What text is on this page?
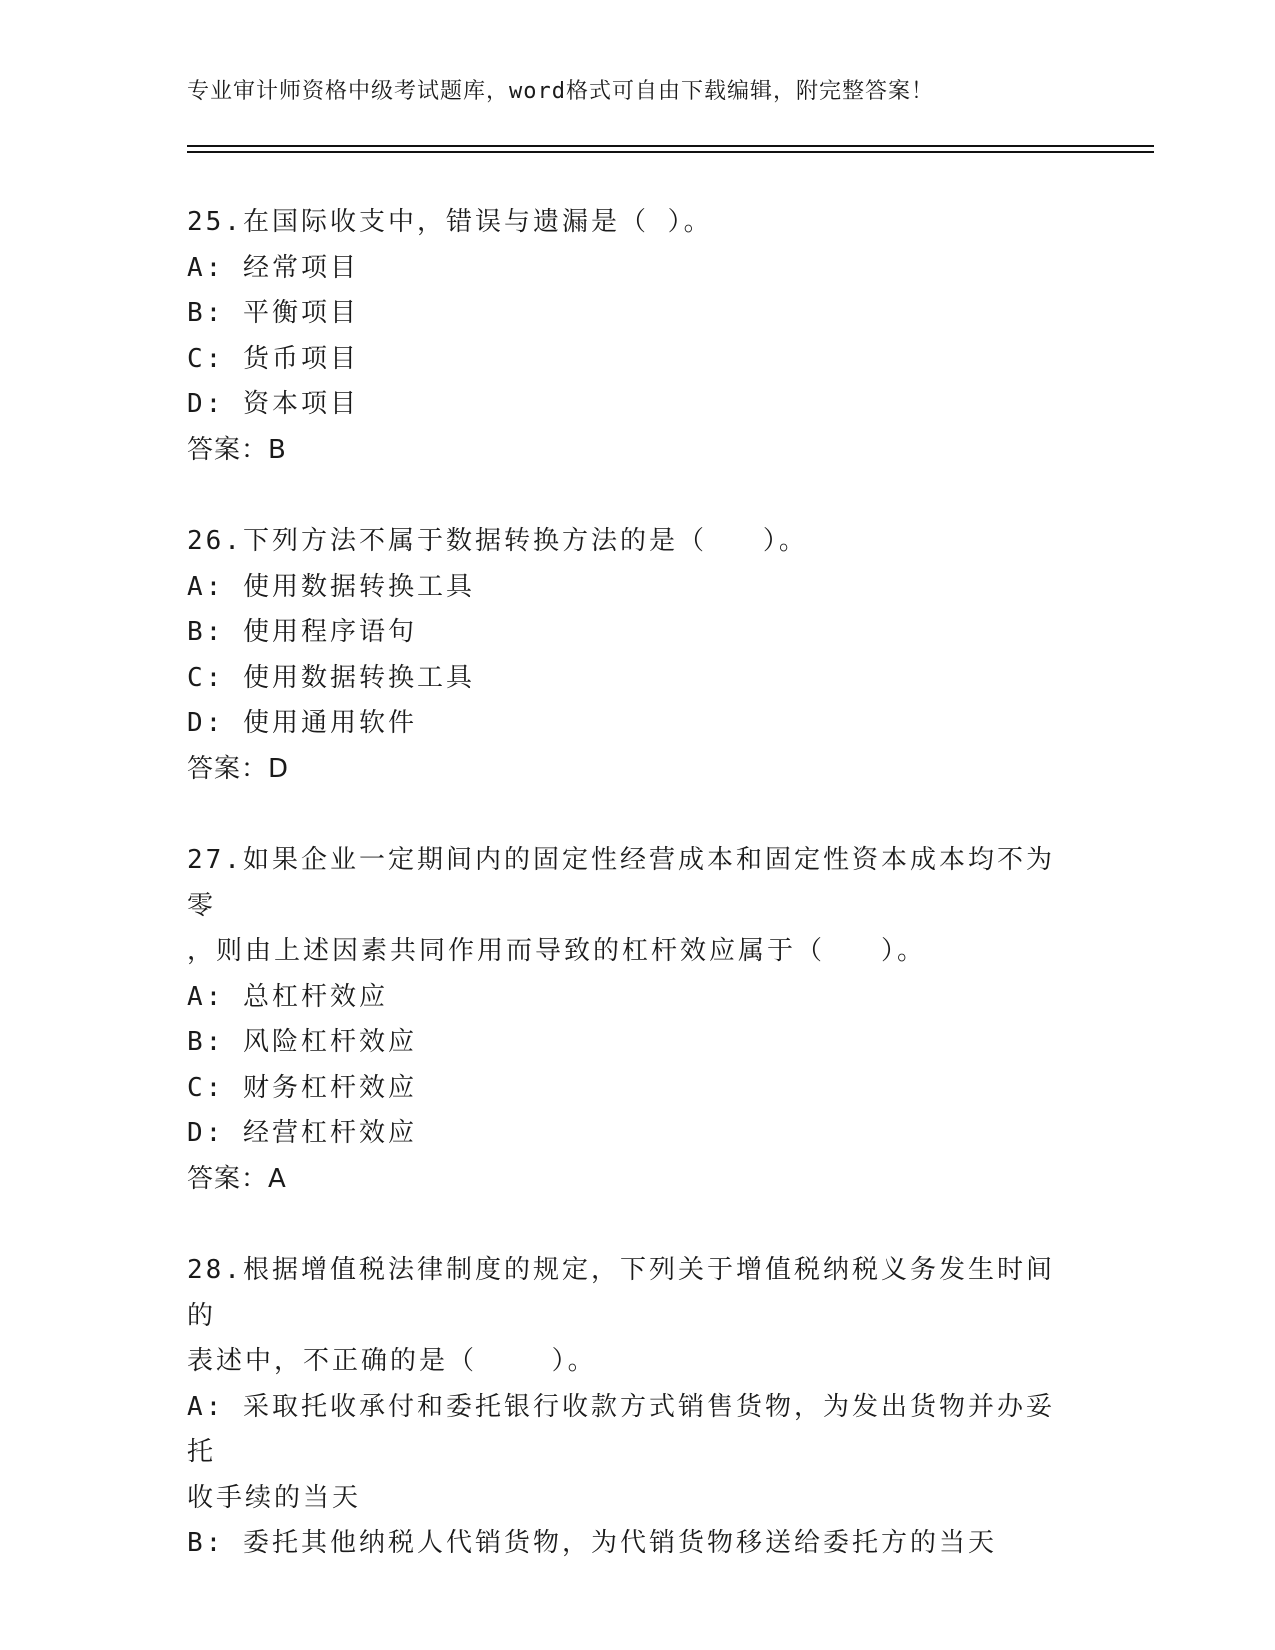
专业审计师资格中级考试题库，word格式可自由下载编辑，附完整答案！
25.在国际收支中，错误与遗漏是（ ）。
A: 经常项目
B: 平衡项目
C: 货币项目
D: 资本项目
答案：B
26.下列方法不属于数据转换方法的是（   ）。
A: 使用数据转换工具
B: 使用程序语句
C: 使用数据转换工具
D: 使用通用软件
答案：D
27.如果企业一定期间内的固定性经营成本和固定性资本成本均不为零
，则由上述因素共同作用而导致的杠杆效应属于（   ）。
A: 总杠杆效应
B: 风险杠杆效应
C: 财务杠杆效应
D: 经营杠杆效应
答案：A
28.根据增值税法律制度的规定，下列关于增值税纳税义务发生时间的
表述中，不正确的是（    ）。
A: 采取托收承付和委托银行收款方式销售货物，为发出货物并办妥托
收手续的当天
B: 委托其他纳税人代销货物，为代销货物移送给委托方的当天
